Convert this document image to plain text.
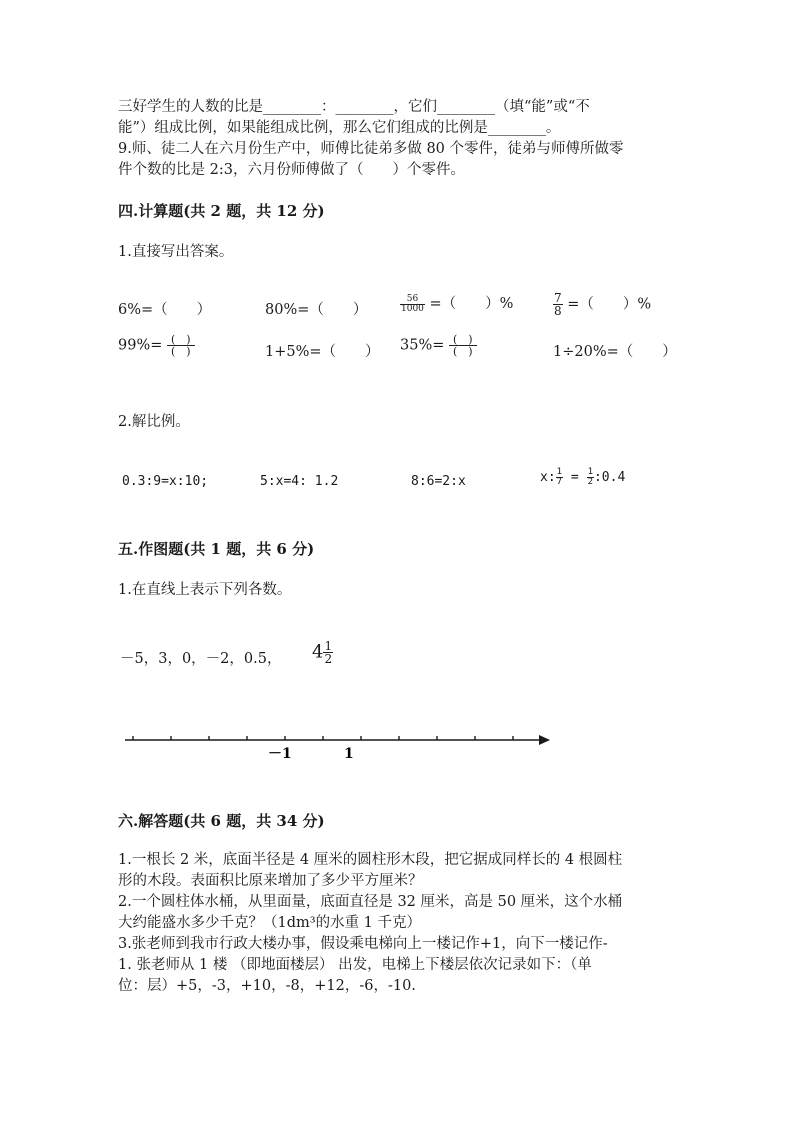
三好学生的人数的比是________：________，它们________（填“能”或“不
能”）组成比例，如果能组成比例，那么它们组成的比例是________。
9.师、徒二人在六月份生产中，师傅比徒弟多做 80 个零件，徒弟与师傅所做零
件个数的比是 2:3，六月份师傅做了（　　）个零件。
四.计算题(共 2 题，共 12 分)
1.直接写出答案。
6%=（　　）	80%=（　　）	$\frac{56}{1000}$ =（　　）%	$\frac{7}{8}$ =（　　）%
$99\%= \frac{( )}{( )}$	1+5%=（　　） $35\%= \frac{( )}{( )}$	1÷20%=（　　）
2.解比例。
0.3:9=x:10;	5:x=4: 1.2	8:6=2:x	x: $\frac{1}{7} = \frac{1}{2}$ :0.4
五.作图题(共 1 题，共 6 分)
1.在直线上表示下列各数。
－5，3，0，－2，0.5， $4 \frac{1}{2}$
－1	1
六.解答题(共 6 题，共 34 分)
1.一根长 2 米，底面半径是 4 厘米的圆柱形木段，把它据成同样长的 4 根圆柱
形的木段。表面积比原来增加了多少平方厘米？
2.一个圆柱体水桶，从里面量，底面直径是 32 厘米，高是 50 厘米，这个水桶
大约能盛水多少千克？（1dm³的水重 1 千克）
3.张老师到我市行政大楼办事，假设乘电梯向上一楼记作+1，向下一楼记作-
1. 张老师从 1 楼 （即地面楼层） 出发，电梯上下楼层依次记录如下：（单
位：层）+5，-3，+10，-8，+12，-6，-10.
